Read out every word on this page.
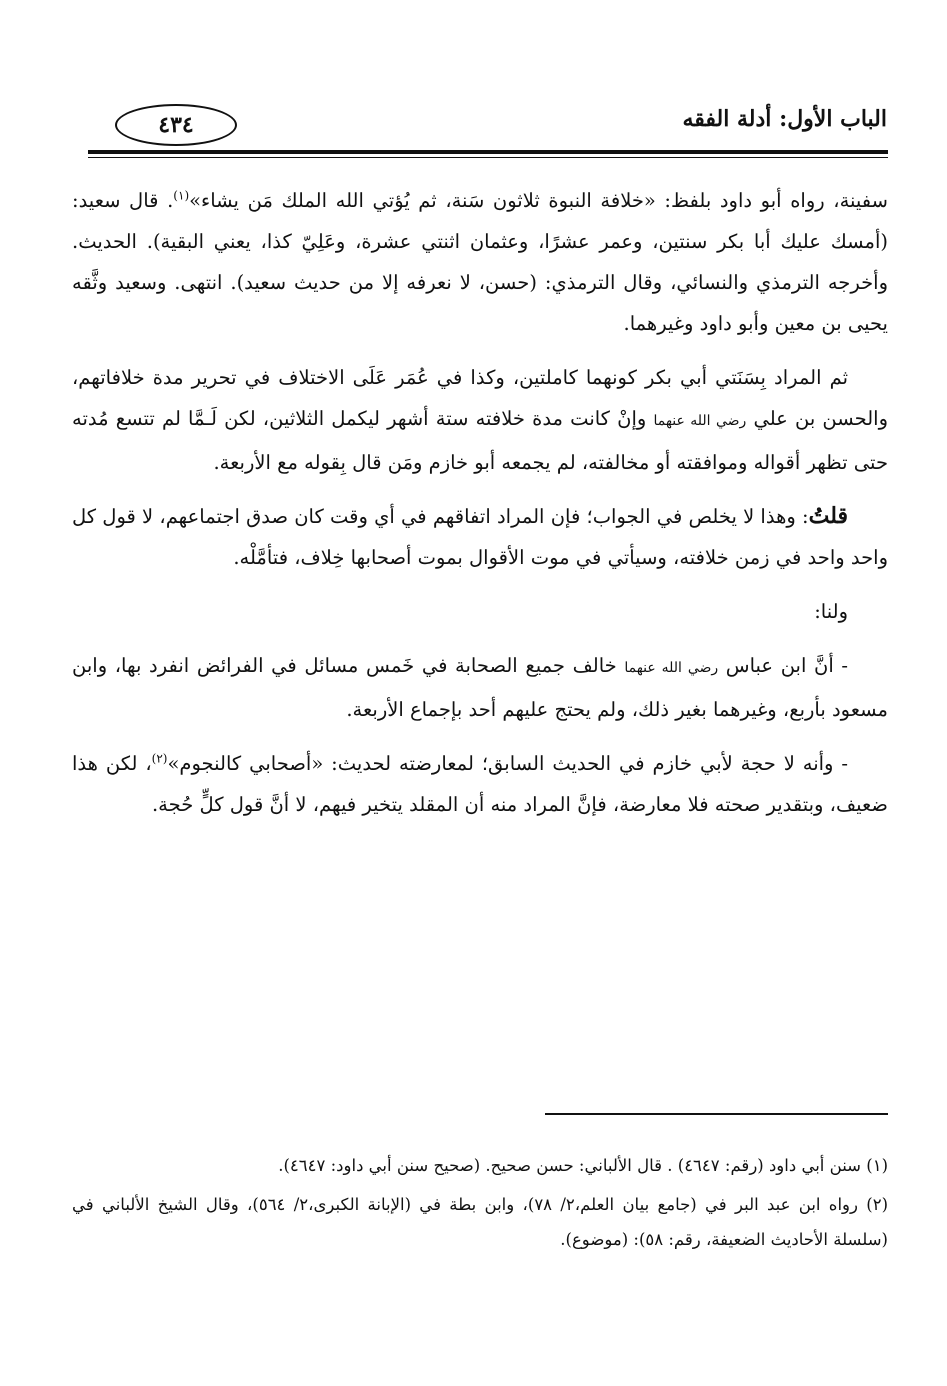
الباب الأول: أدلة الفقه
٤٣٤

سفينة، رواه أبو داود بلفظ: «خلافة النبوة ثلاثون سَنة، ثم يُؤتي الله الملك مَن يشاء»$^{(١)}$. قال سعيد: (أمسك عليك أبا بكر سنتين، وعمر عشرًا، وعثمان اثنتي عشرة، وعَلِيّ كذا، يعني البقية). الحديث. وأخرجه الترمذي والنسائي، وقال الترمذي: (حسن، لا نعرفه إلا من حديث سعيد). انتهى. وسعيد وثَّقه يحيى بن معين وأبو داود وغيرهما.

ثم المراد بِسَنَتي أبي بكر كونهما كاملتين، وكذا في عُمَر عَلَى الاختلاف في تحرير مدة خلافاتهم، والحسن بن علي رضي الله عنهما وإنْ كانت مدة خلافته ستة أشهر ليكمل الثلاثين، لكن لَـمَّا لم تتسع مُدته حتى تظهر أقواله وموافقته أو مخالفته، لم يجمعه أبو خازم ومَن قال بِقوله مع الأربعة.

قلتُ: وهذا لا يخلص في الجواب؛ فإن المراد اتفاقهم في أي وقت كان صدق اجتماعهم، لا قول كل واحد واحد في زمن خلافته، وسيأتي في موت الأقوال بموت أصحابها خِلاف، فتأمَّلْه.

ولنا:

- أنَّ ابن عباس رضي الله عنهما خالف جميع الصحابة في خَمس مسائل في الفرائض انفرد بها، وابن مسعود بأربع، وغيرهما بغير ذلك، ولم يحتج عليهم أحد بإجماع الأربعة.

- وأنه لا حجة لأبي خازم في الحديث السابق؛ لمعارضته لحديث: «أصحابي كالنجوم»$^{(٢)}$، لكن هذا ضعيف، وبتقدير صحته فلا معارضة، فإنَّ المراد منه أن المقلد يتخير فيهم، لا أنَّ قول كلٍّ حُجة.

(١) سنن أبي داود (رقم: ٤٦٤٧) . قال الألباني: حسن صحيح. (صحيح سنن أبي داود: ٤٦٤٧).

(٢) رواه ابن عبد البر في (جامع بيان العلم،٢/ ٧٨)، وابن بطة في (الإبانة الكبرى،٢/ ٥٦٤)، وقال الشيخ الألباني في (سلسلة الأحاديث الضعيفة، رقم: ٥٨): (موضوع).
